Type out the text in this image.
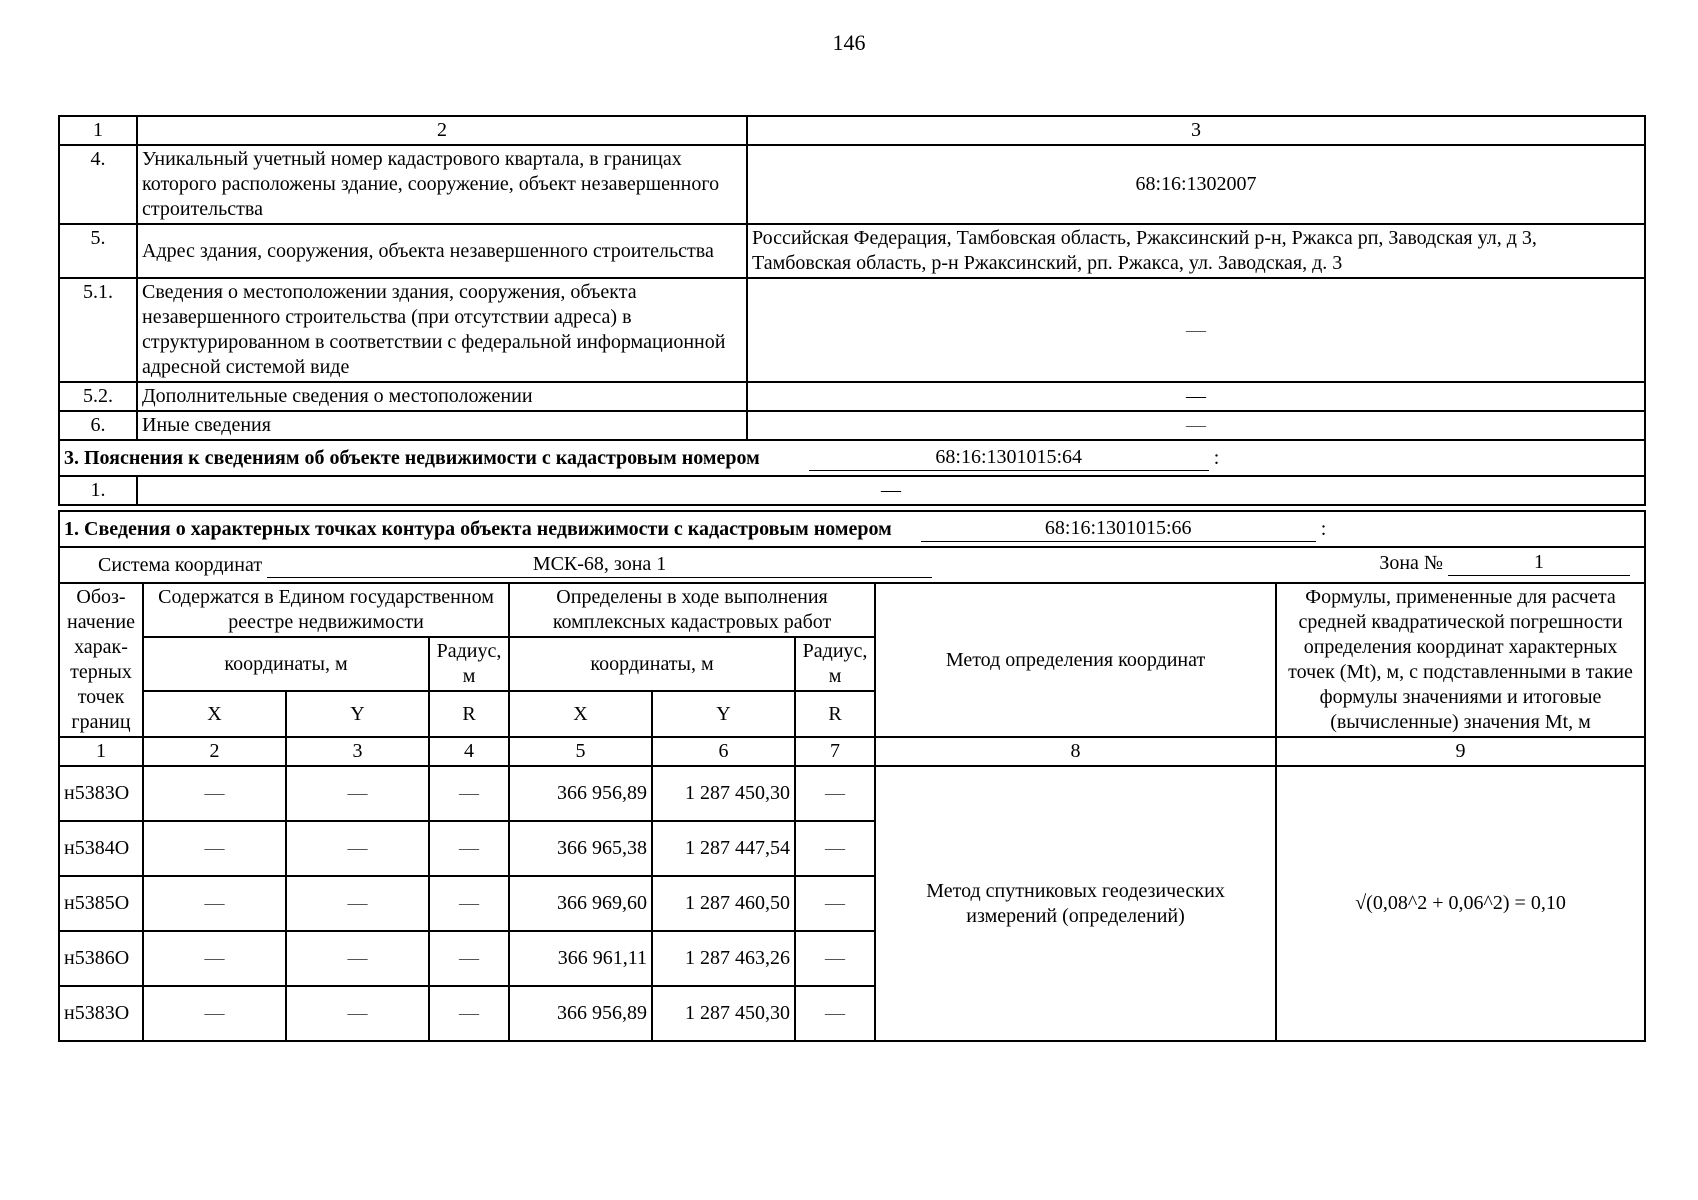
146
1	2	3
4.	Уникальный учетный номер кадастрового квартала, в границах которого расположены здание, сооружение, объект незавершенного строительства	68:16:1302007
5.	Адрес здания, сооружения, объекта незавершенного строительства	Российская Федерация, Тамбовская область, Ржаксинский р-н, Ржакса рп, Заводская ул, д 3, Тамбовская область, р-н Ржаксинский, рп. Ржакса, ул. Заводская, д. 3
5.1.	Сведения о местоположении здания, сооружения, объекта незавершенного строительства (при отсутствии адреса) в структурированном в соответствии с федеральной информационной адресной системой виде	—
5.2.	Дополнительные сведения о местоположении	—
6.	Иные сведения	—
3. Пояснения к сведениям об объекте недвижимости с кадастровым номером	68:16:1301015:64	:
1.	—
1. Сведения о характерных точках контура объекта недвижимости с кадастровым номером	68:16:1301015:66	:
Система координат	МСК-68, зона 1	Зона №	1
Обоз-начение харак-терных точек границ	Содержатся в Едином государственном реестре недвижимости			Определены в ходе выполнения комплексных кадастровых работ			Метод определения координат	Формулы, примененные для расчета средней квадратической погрешности определения координат характерных точек (Mt), м, с подставленными в такие формулы значениями и итоговые (вычисленные) значения Mt, м
	координаты, м		Радиус, м	координаты, м		Радиус, м		
	X	Y	R	X	Y	R		
1	2	3	4	5	6	7	8	9
н5383О	—	—	—	366 956,89	1 287 450,30	—	Метод спутниковых геодезических измерений (определений)	√(0,08^2 + 0,06^2) = 0,10
н5384О	—	—	—	366 965,38	1 287 447,54	—		
н5385О	—	—	—	366 969,60	1 287 460,50	—		
н5386О	—	—	—	366 961,11	1 287 463,26	—		
н5383О	—	—	—	366 956,89	1 287 450,30	—		
